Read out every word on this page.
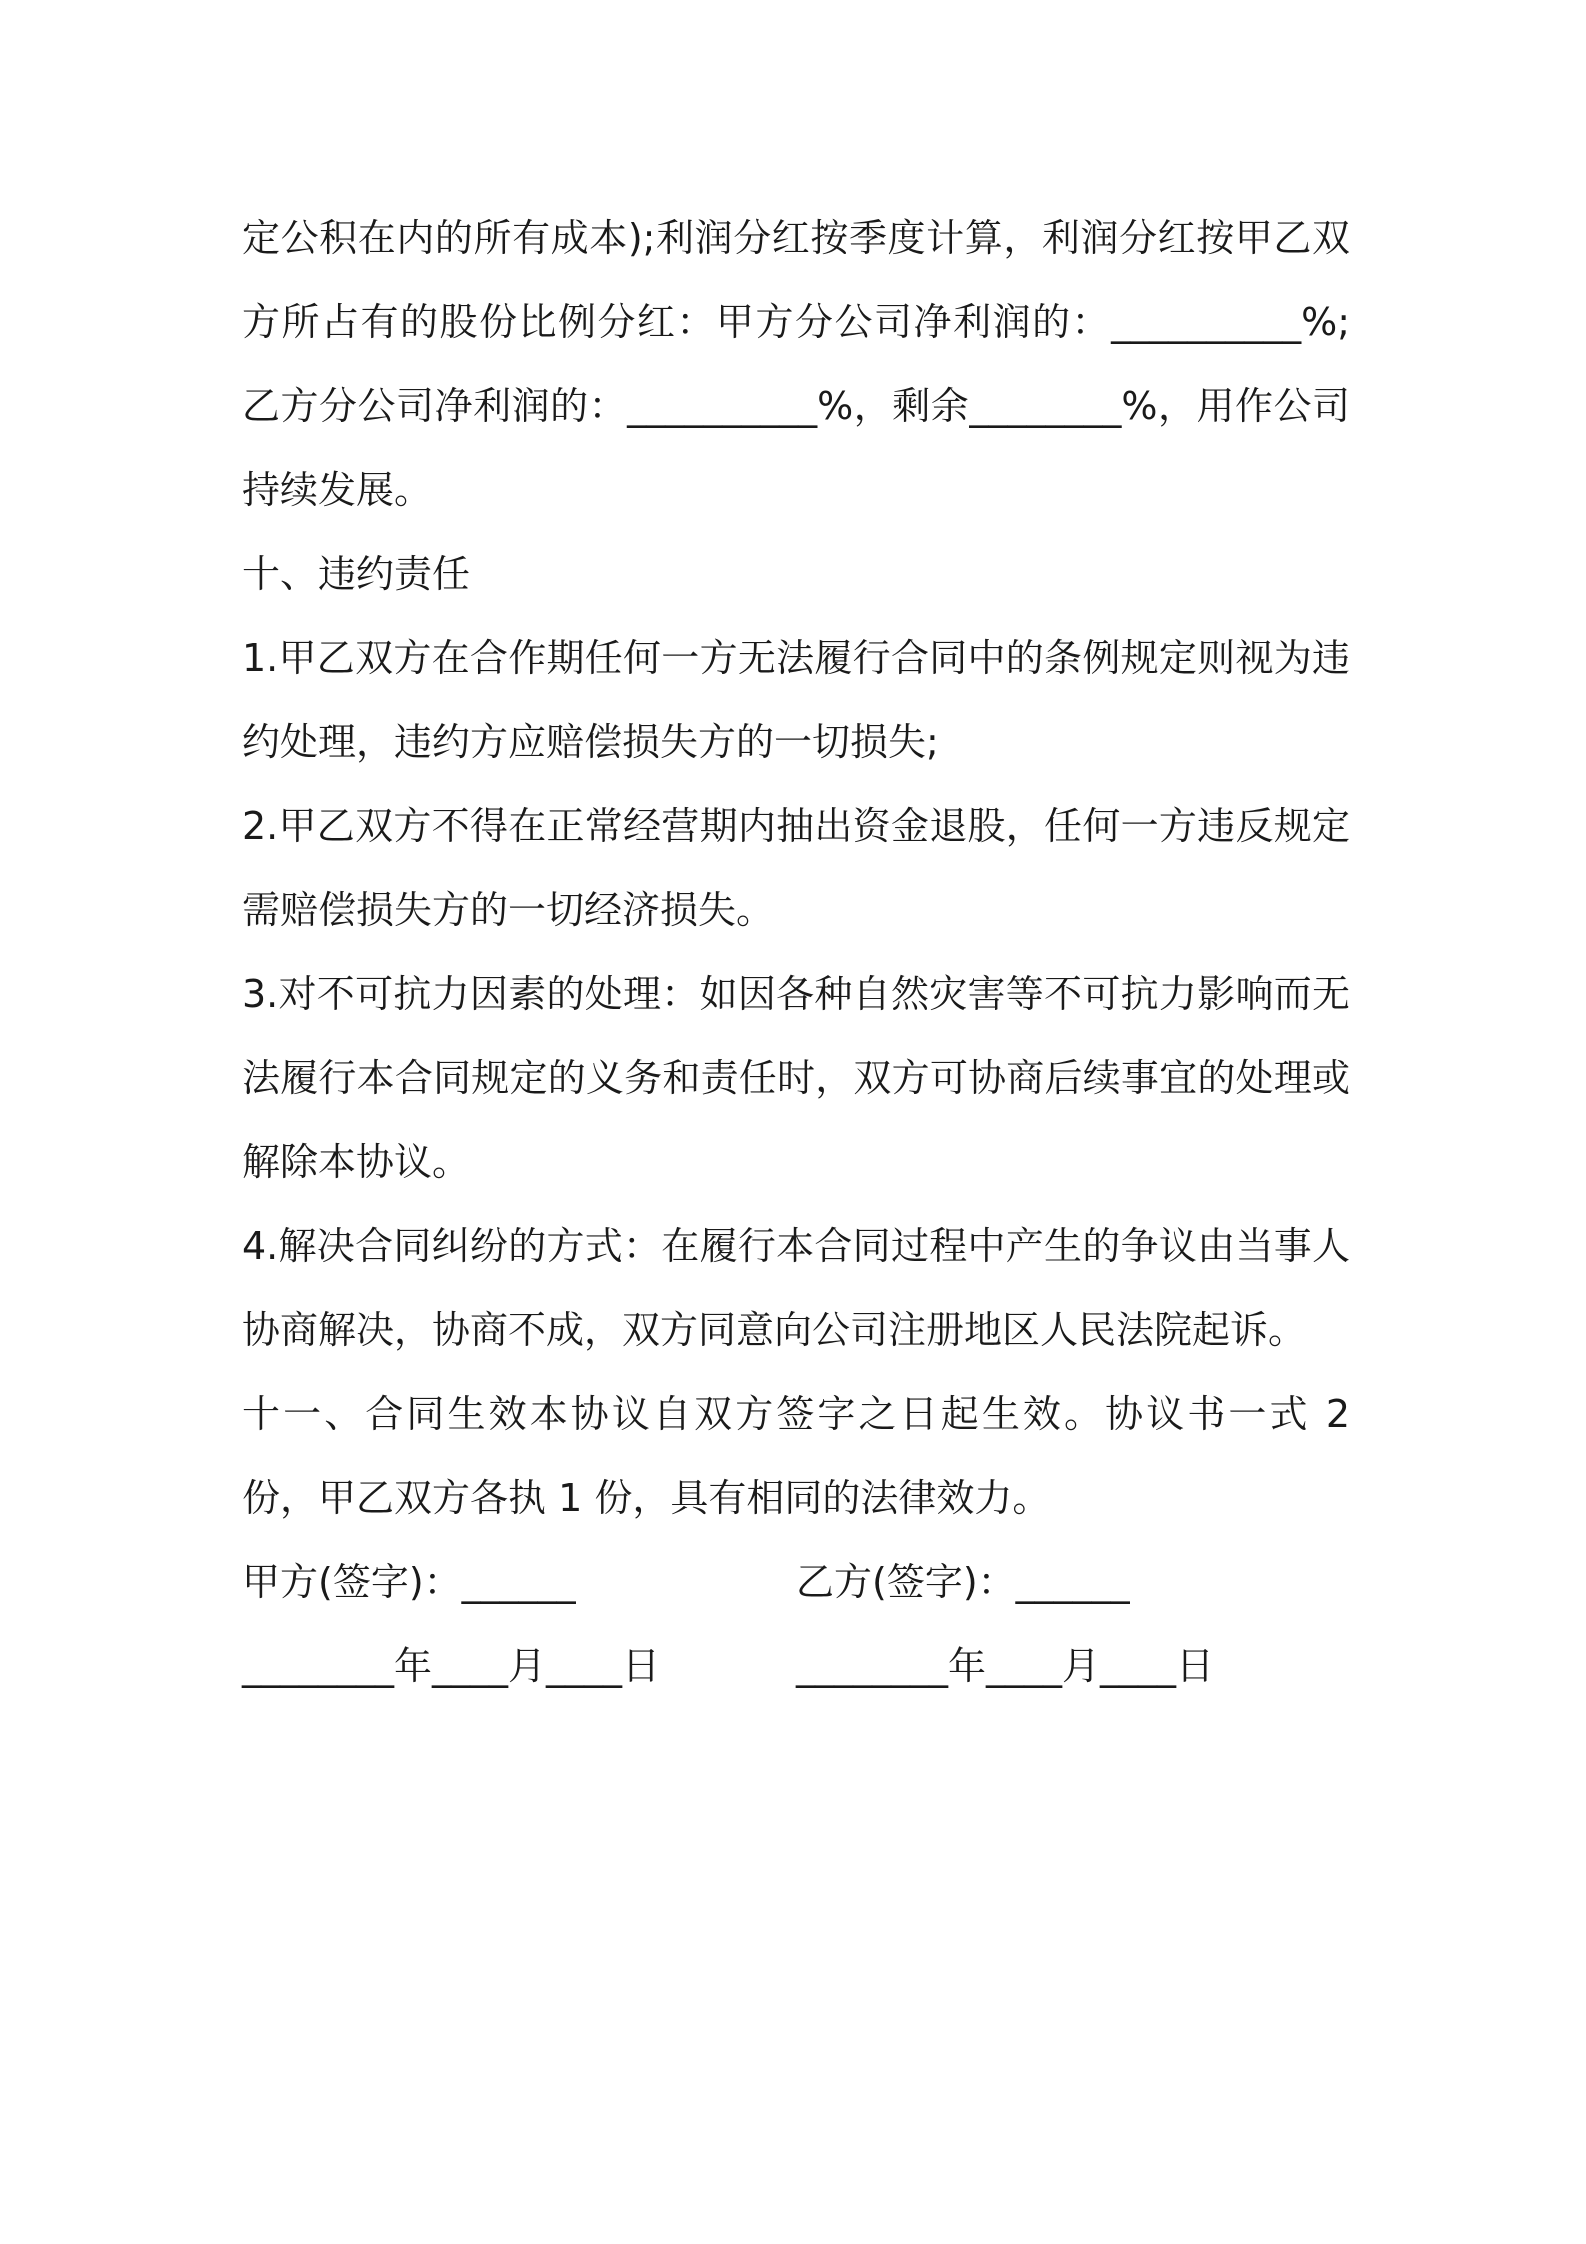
定公积在内的所有成本);利润分红按季度计算，利润分红按甲乙双方所占有的股份比例分红：甲方分公司净利润的：__________%;乙方分公司净利润的：__________%，剩余________%，用作公司持续发展。

十、违约责任

1.甲乙双方在合作期任何一方无法履行合同中的条例规定则视为违约处理，违约方应赔偿损失方的一切损失;

2.甲乙双方不得在正常经营期内抽出资金退股，任何一方违反规定需赔偿损失方的一切经济损失。

3.对不可抗力因素的处理：如因各种自然灾害等不可抗力影响而无法履行本合同规定的义务和责任时，双方可协商后续事宜的处理或解除本协议。

4.解决合同纠纷的方式：在履行本合同过程中产生的争议由当事人协商解决，协商不成，双方同意向公司注册地区人民法院起诉。

十一、合同生效本协议自双方签字之日起生效。协议书一式 2 份，甲乙双方各执 1 份，具有相同的法律效力。

甲方(签字)：______	乙方(签字)：______
________年____月____日	________年____月____日
